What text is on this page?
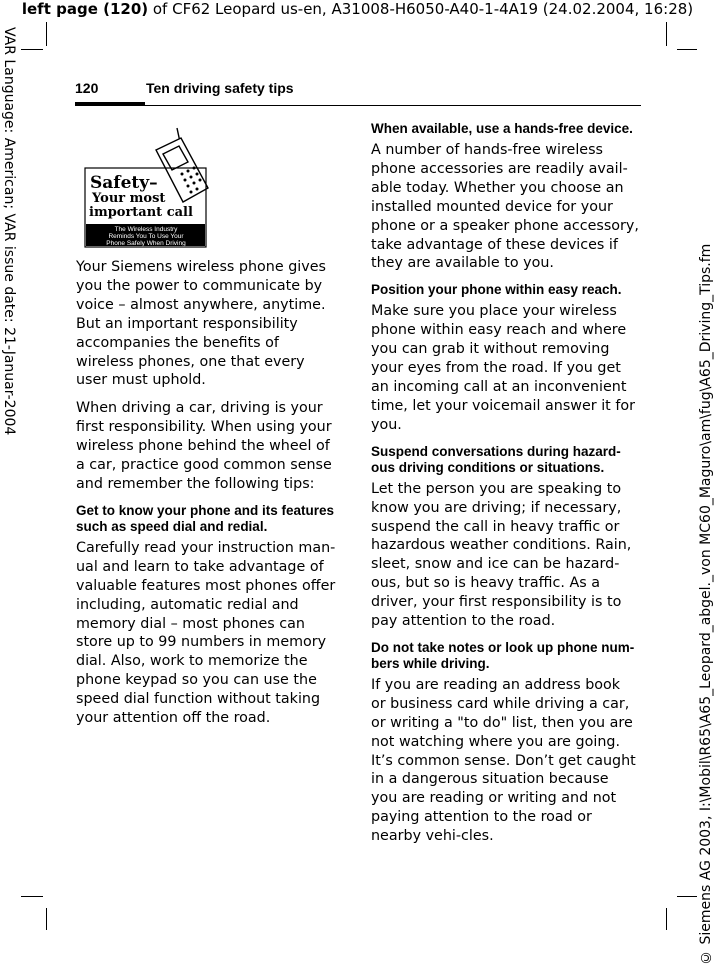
left page (120) of CF62 Leopard us-en, A31008-H6050-A40-1-4A19 (24.02.2004, 16:28)
VAR Language: American; VAR issue date: 21-Januar-2004
© Siemens AG 2003, I:\Mobil\R65\A65_Leopard_abgel._von MC60_Maguro\am\fug\A65_Driving_Tips.fm
120	Ten driving safety tips
Safety–
Your most
important call
The Wireless Industry
Reminds You To Use Your
Phone Safely When Driving

Your Siemens wireless phone gives you the power to communicate by voice – almost anywhere, anytime. But an important responsibility accompanies the benefits of wireless phones, one that every user must uphold.

When driving a car, driving is your first responsibility. When using your wireless phone behind the wheel of a car, practice good common sense and remember the following tips:

Get to know your phone and its features such as speed dial and redial.

Carefully read your instruction man-ual and learn to take advantage of valuable features most phones offer including, automatic redial and memory dial – most phones can store up to 99 numbers in memory dial. Also, work to memorize the phone keypad so you can use the speed dial function without taking your attention off the road.

When available, use a hands-free device.

A number of hands-free wireless phone accessories are readily avail-able today. Whether you choose an installed mounted device for your phone or a speaker phone accessory, take advantage of these devices if they are available to you.

Position your phone within easy reach.

Make sure you place your wireless phone within easy reach and where you can grab it without removing your eyes from the road. If you get an incoming call at an inconvenient time, let your voicemail answer it for you.

Suspend conversations during hazard-ous driving conditions or situations.

Let the person you are speaking to know you are driving; if necessary, suspend the call in heavy traffic or hazardous weather conditions. Rain, sleet, snow and ice can be hazard-ous, but so is heavy traffic. As a driver, your first responsibility is to pay attention to the road.

Do not take notes or look up phone num-bers while driving.

If you are reading an address book or business card while driving a car, or writing a "to do" list, then you are not watching where you are going. It’s common sense. Don’t get caught in a dangerous situation because you are reading or writing and not paying attention to the road or nearby vehi-cles.
